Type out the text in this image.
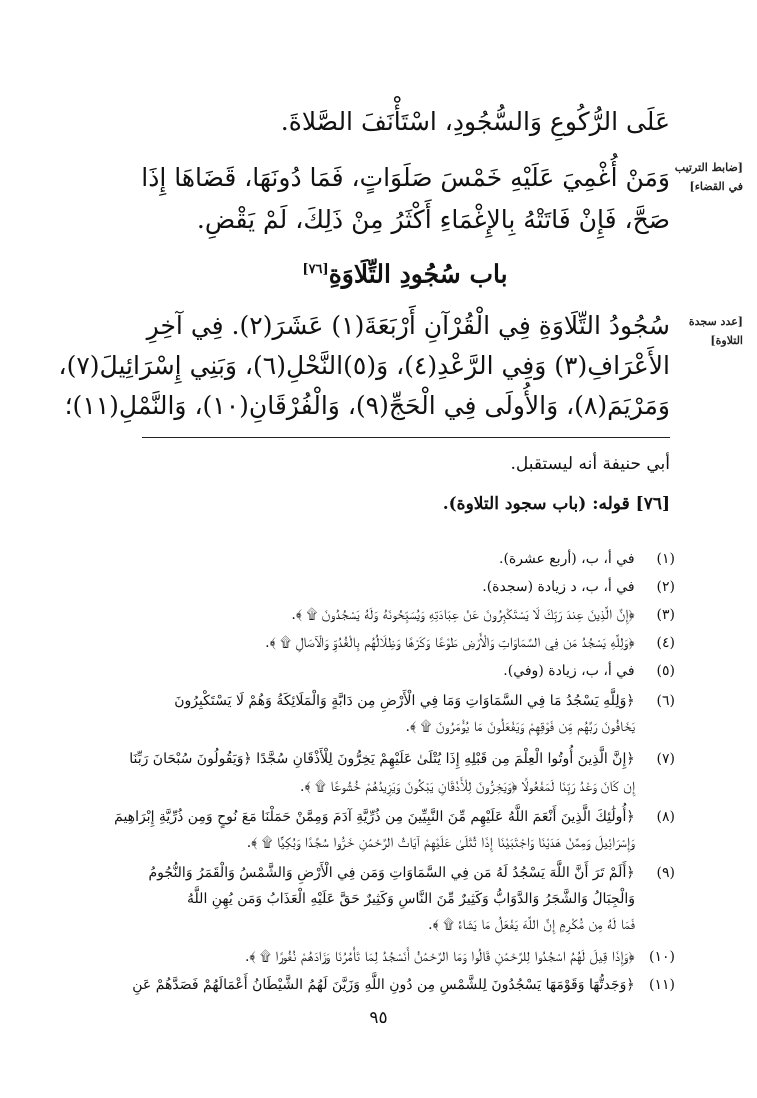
عَلَى الرُّكُوعِ وَالسُّجُودِ، اسْتَأْنَفَ الصَّلاةَ.
[ضابط الترتيب
في القضاء]
وَمَنْ أُغْمِيَ عَلَيْهِ خَمْسَ صَلَوَاتٍ، فَمَا دُونَهَا، قَضَاهَا إِذَا
صَحَّ، فَإِنْ فَاتَتْهُ بِالإِغْمَاءِ أَكْثَرُ مِنْ ذَلِكَ، لَمْ يَقْضِ.
باب سُجُودِ التِّلَاوَةِ[٧٦]
[عدد سجدة
التلاوة]
سُجُودُ التِّلَاوَةِ فِي الْقُرْآنِ أَرْبَعَةَ(١) عَشَرَ(٢). فِي آخِرِ
الأَعْرَافِ(٣) وَفِي الرَّعْدِ(٤)، وَ(٥)النَّحْلِ(٦)، وَبَنِي إِسْرَائِيلَ(٧)،
وَمَرْيَمَ(٨)، وَالأُولَى فِي الْحَجِّ(٩)، وَالْفُرْقَانِ(١٠)، وَالنَّمْلِ(١١)؛
أبي حنيفة أنه ليستقبل.
[٧٦] قوله: (باب سجود التلاوة).
(١) في أ، ب، (أربع عشرة).
(٢) في أ، ب، د زيادة (سجدة).
(٣) ﴿إِنَّ الَّذِينَ عِندَ رَبِّكَ لَا يَسْتَكْبِرُونَ عَنْ عِبَادَتِهِ وَيُسَبِّحُونَهُ وَلَهُ يَسْجُدُونَ ۩ ﴾.
(٤) ﴿وَلِلَّهِ يَسْجُدُ مَن فِي السَّمَاوَاتِ وَالْأَرْضِ طَوْعًا وَكَرْهًا وَظِلَالُهُم بِالْغُدُوِّ وَالْآصَالِ ۩ ﴾.
(٥) في أ، ب، زيادة (وفي).
(٦) ﴿وَلِلَّهِ يَسْجُدُ مَا فِي السَّمَاوَاتِ وَمَا فِي الْأَرْضِ مِن دَابَّةٍ وَالْمَلَائِكَةُ وَهُمْ لَا يَسْتَكْبِرُونَ
يَخَافُونَ رَبَّهُم مِّن فَوْقِهِمْ وَيَفْعَلُونَ مَا يُؤْمَرُونَ ۩ ﴾.
(٧) ﴿إِنَّ الَّذِينَ أُوتُوا الْعِلْمَ مِن قَبْلِهِ إِذَا يُتْلَىٰ عَلَيْهِمْ يَخِرُّونَ لِلْأَذْقَانِ سُجَّدًا ﴿وَيَقُولُونَ سُبْحَانَ رَبِّنَا
إِن كَانَ وَعْدُ رَبِّنَا لَمَفْعُولًا ﴿وَيَخِرُّونَ لِلْأَذْقَانِ يَبْكُونَ وَيَزِيدُهُمْ خُشُوعًا ۩ ﴾.
(٨) ﴿أُولَٰئِكَ الَّذِينَ أَنْعَمَ اللَّهُ عَلَيْهِم مِّنَ النَّبِيِّينَ مِن ذُرِّيَّةِ آدَمَ وَمِمَّنْ حَمَلْنَا مَعَ نُوحٍ وَمِن ذُرِّيَّةِ إِبْرَاهِيمَ
وَإِسْرَائِيلَ وَمِمَّنْ هَدَيْنَا وَاجْتَبَيْنَا إِذَا تُتْلَىٰ عَلَيْهِمْ آيَاتُ الرَّحْمَٰنِ خَرُّوا سُجَّدًا وَبُكِيًّا ۩ ﴾.
(٩) ﴿أَلَمْ تَرَ أَنَّ اللَّهَ يَسْجُدُ لَهُ مَن فِي السَّمَاوَاتِ وَمَن فِي الْأَرْضِ وَالشَّمْسُ وَالْقَمَرُ وَالنُّجُومُ
وَالْجِبَالُ وَالشَّجَرُ وَالدَّوَابُّ وَكَثِيرٌ مِّنَ النَّاسِ وَكَثِيرٌ حَقَّ عَلَيْهِ الْعَذَابُ وَمَن يُهِنِ اللَّهُ
فَمَا لَهُ مِن مُّكْرِمٍ إِنَّ اللَّهَ يَفْعَلُ مَا يَشَاءُ ۩ ﴾.
(١٠) ﴿وَإِذَا قِيلَ لَهُمُ اسْجُدُوا لِلرَّحْمَٰنِ قَالُوا وَمَا الرَّحْمَٰنُ أَنَسْجُدُ لِمَا تَأْمُرُنَا وَزَادَهُمْ نُفُورًا ۩ ﴾.
(١١) ﴿وَجَدتُّهَا وَقَوْمَهَا يَسْجُدُونَ لِلشَّمْسِ مِن دُونِ اللَّهِ وَزَيَّنَ لَهُمُ الشَّيْطَانُ أَعْمَالَهُمْ فَصَدَّهُمْ عَنِ
٩٥
